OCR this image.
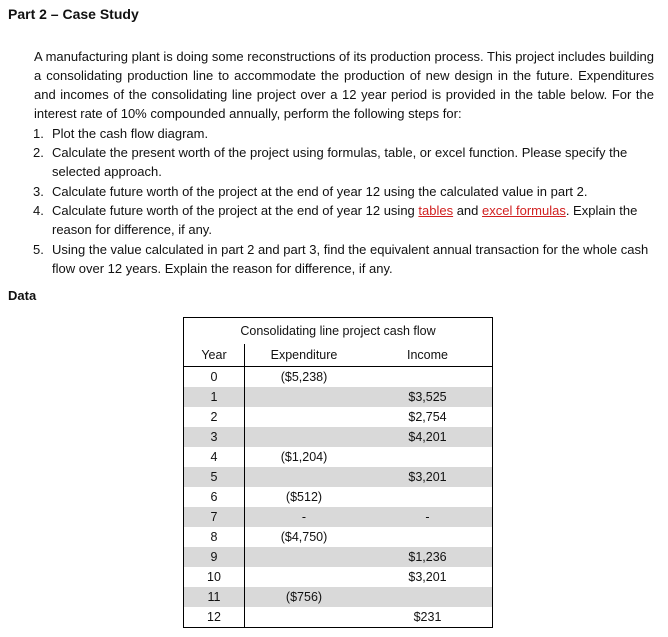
Part 2 – Case Study

A manufacturing plant is doing some reconstructions of its production process. This project includes building a consolidating production line to accommodate the production of new design in the future. Expenditures and incomes of the consolidating line project over a 12 year period is provided in the table below. For the interest rate of 10% compounded annually, perform the following steps for:

1. Plot the cash flow diagram.
2. Calculate the present worth of the project using formulas, table, or excel function. Please specify the selected approach.
3. Calculate future worth of the project at the end of year 12 using the calculated value in part 2.
4. Calculate future worth of the project at the end of year 12 using tables and excel formulas. Explain the reason for difference, if any.
5. Using the value calculated in part 2 and part 3, find the equivalent annual transaction for the whole cash flow over 12 years. Explain the reason for difference, if any.
Data
Consolidating line project cash flow		
Year	Expenditure	Income
0	($5,238)	
1		$3,525
2		$2,754
3		$4,201
4	($1,204)	
5		$3,201
6	($512)	
7	-	-
8	($4,750)	
9		$1,236
10		$3,201
11	($756)	
12		$231
